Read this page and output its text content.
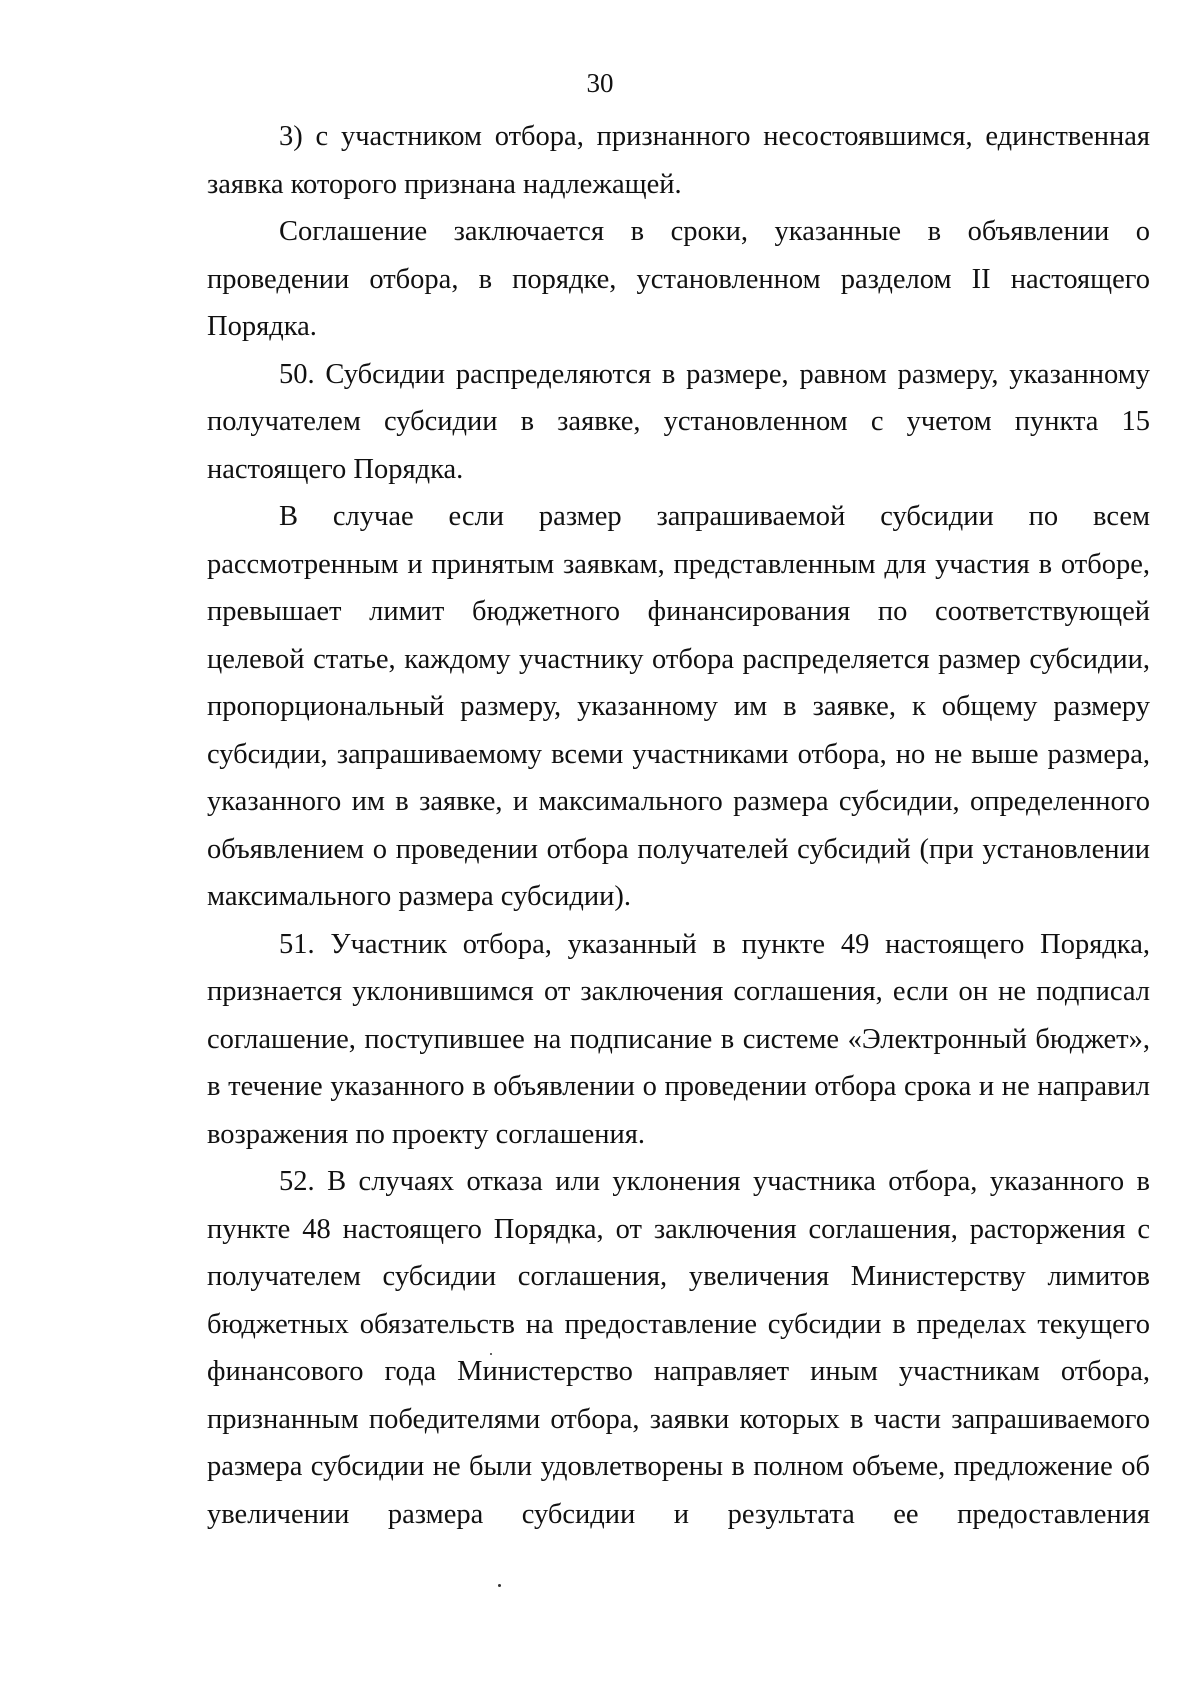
30

3) с участником отбора, признанного несостоявшимся, единственная заявка которого признана надлежащей.

Соглашение заключается в сроки, указанные в объявлении о проведении отбора, в порядке, установленном разделом II настоящего Порядка.

50. Субсидии распределяются в размере, равном размеру, указанному получателем субсидии в заявке, установленном с учетом пункта 15 настоящего Порядка.

В случае если размер запрашиваемой субсидии по всем рассмотренным и принятым заявкам, представленным для участия в отборе, превышает лимит бюджетного финансирования по соответствующей целевой статье, каждому участнику отбора распределяется размер субсидии, пропорциональный размеру, указанному им в заявке, к общему размеру субсидии, запрашиваемому всеми участниками отбора, но не выше размера, указанного им в заявке, и максимального размера субсидии, определенного объявлением о проведении отбора получателей субсидий (при установлении максимального размера субсидии).

51. Участник отбора, указанный в пункте 49 настоящего Порядка, признается уклонившимся от заключения соглашения, если он не подписал соглашение, поступившее на подписание в системе «Электронный бюджет», в течение указанного в объявлении о проведении отбора срока и не направил возражения по проекту соглашения.

52. В случаях отказа или уклонения участника отбора, указанного в пункте 48 настоящего Порядка, от заключения соглашения, расторжения с получателем субсидии соглашения, увеличения Министерству лимитов бюджетных обязательств на предоставление субсидии в пределах текущего финансового года Министерство направляет иным участникам отбора, признанным победителями отбора, заявки которых в части запрашиваемого размера субсидии не были удовлетворены в полном объеме, предложение об увеличении размера субсидии и результата ее предоставления
